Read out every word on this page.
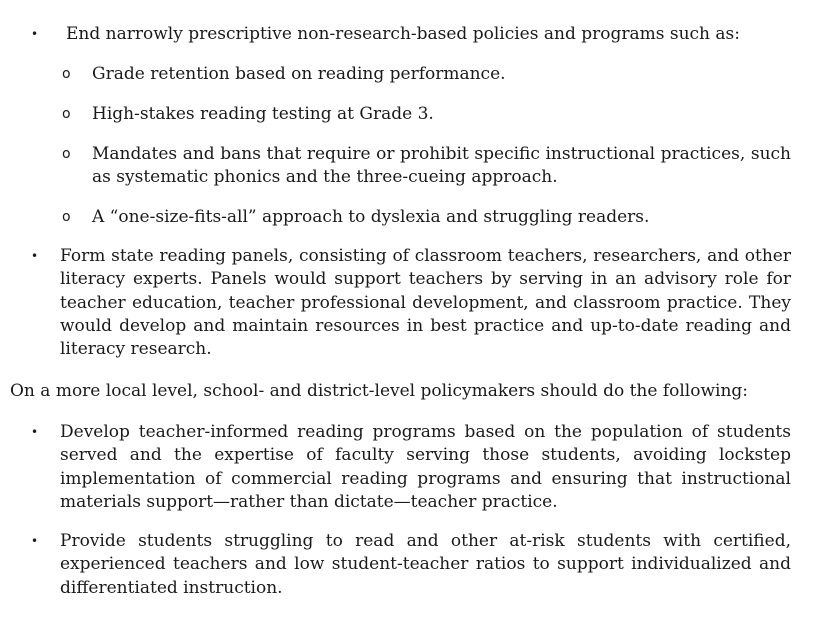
• End narrowly prescriptive non-research-based policies and programs such as:
o Grade retention based on reading performance.
o High-stakes reading testing at Grade 3.
o Mandates and bans that require or prohibit specific instructional practices, such as systematic phonics and the three-cueing approach.
o A “one-size-fits-all” approach to dyslexia and struggling readers.
• Form state reading panels, consisting of classroom teachers, researchers, and other literacy experts. Panels would support teachers by serving in an advisory role for teacher education, teacher professional development, and classroom practice. They would develop and maintain resources in best practice and up-to-date reading and literacy research.
On a more local level, school- and district-level policymakers should do the following:
• Develop teacher-informed reading programs based on the population of students served and the expertise of faculty serving those students, avoiding lockstep implementation of commercial reading programs and ensuring that instructional materials support—rather than dictate—teacher practice.
• Provide students struggling to read and other at-risk students with certified, experienced teachers and low student-teacher ratios to support individualized and differentiated instruction.
